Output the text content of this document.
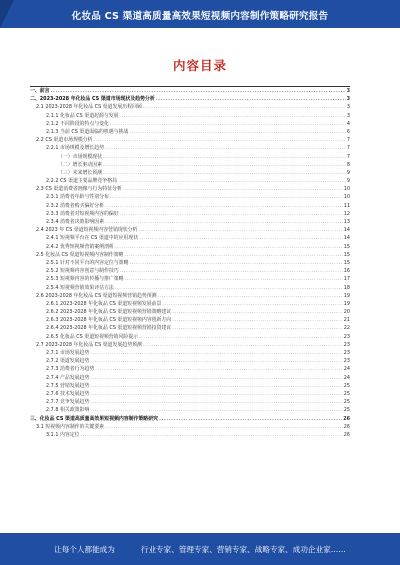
化妆品 CS 渠道高质量高效果短视频内容制作策略研究报告
内容目录
一、前言 .....	3
二、2023-2028 年化妆品 CS 渠道市场现状及趋势分析 .....	3
2.1 2023-2028 年化妆品 CS 渠道发展历程回顾 .....	3
2.1.1 化妆品 CS 渠道起源与发展 .....	3
2.1.2 不同阶段的特点与变化 .....	4
2.1.3 当前 CS 渠道面临的机遇与挑战 .....	6
2.2 CS 渠道市场规模分析 .....	7
2.2.1 市场规模及增长趋势 .....	7
（一）市场规模现状 .....	7
（二）增长驱动因素 .....	8
（三）未来增长预测 .....	9
2.2.2 CS 渠道主要品牌竞争格局 .....	9
2.3 CS 渠道消费者画像与行为特征分析 .....	10
2.3.1 消费者年龄与性别分布 .....	10
2.3.2 消费者购买偏好分析 .....	11
2.3.3 消费者对短视频内容的偏好 .....	12
2.3.4 消费者决策影响因素 .....	13
2.4 2023 年 CS 渠道短视频内容营销现状分析 .....	14
2.4.1 短视频平台在 CS 渠道中的应用现状 .....	14
2.4.2 优秀短视频营销案例剖析 .....	15
2.5 化妆品 CS 渠道短视频内容制作策略 .....	15
2.5.1 针对不同平台的内容定位与策略 .....	15
2.5.2 短视频内容创意与制作技巧 .....	16
2.5.3 短视频内容的传播与推广策略 .....	17
2.5.4 短视频营销效果评估方法 .....	18
2.6 2023-2028 年化妆品 CS 渠道短视频营销趋势预测 .....	19
2.6.1 2023-2028 年化妆品 CS 渠道短视频发展前景 .....	19
2.6.2 2023-2028 年化妆品 CS 渠道短视频营销策略建议 .....	20
2.6.3 2023-2028 年化妆品 CS 渠道短视频内容创新方向 .....	21
2.6.4 2023-2028 年化妆品 CS 渠道短视频营销投资建议 .....	22
2.6.5 化妆品 CS 渠道短视频营销风险提示 .....	23
2.7 2023-2028 年化妆品 CS 渠道发展趋势预测 .....	23
2.7.1 市场发展趋势 .....	23
2.7.2 渠道发展趋势 .....	23
2.7.3 消费者行为趋势 .....	24
2.7.4 产品发展趋势 .....	24
2.7.5 营销发展趋势 .....	25
2.7.6 技术发展趋势 .....	25
2.7.7 竞争发展趋势 .....	25
2.7.8 相关政策影响 .....	25
三、化妆品 CS 渠道高质量高效果短视频内容制作策略研究 .....	26
3.1 短视频内容制作的关键要素 .....	26
3.1.1 内容定位 .....	26
让每个人都能成为	行业专家、管理专家、营销专家、战略专家、成功企业家……
